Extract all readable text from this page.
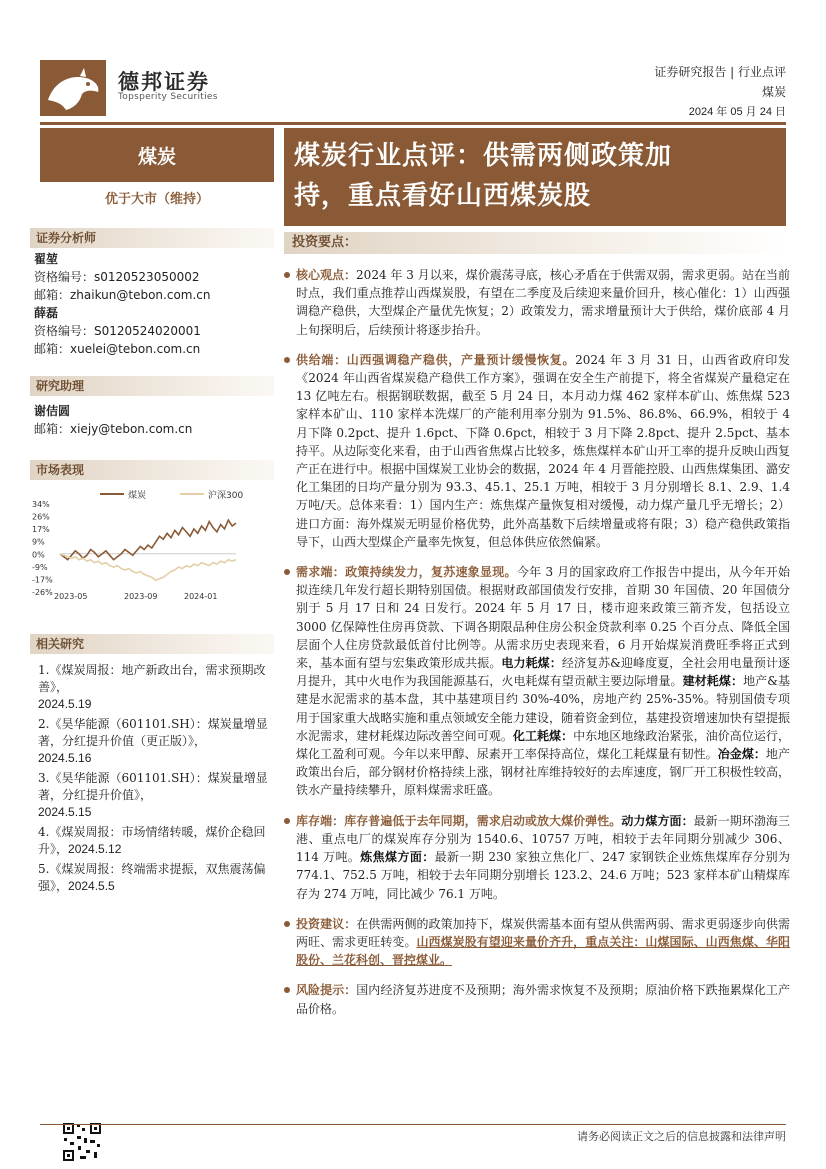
德邦证券
Topsperity Securities
证券研究报告 | 行业点评
煤炭
2024 年 05 月 24 日
煤炭
优于大市（维持）
证券分析师
翟堃
资格编号：s0120523050002
邮箱：zhaikun@tebon.com.cn
薛磊
资格编号：S0120524020001
邮箱：xuelei@tebon.com.cn
研究助理
谢佶圆
邮箱：xiejy@tebon.com.cn
市场表现
煤炭	沪深300
34%
26%
17%
9%
0%
-9%
-17%
-26% 2023-05	2023-09	2024-01
相关研究
1.《煤炭周报：地产新政出台，需求预期改善》，
2024.5.19
2.《昊华能源（601101.SH）：煤炭量增显著，分红提升价值（更正版）》，
2024.5.16
3.《昊华能源（601101.SH）：煤炭量增显著，分红提升价值》，
2024.5.15
4.《煤炭周报：市场情绪转暖，煤价企稳回升》，2024.5.12
5.《煤炭周报：终端需求提振，双焦震荡偏强》，2024.5.5
煤炭行业点评：供需两侧政策加
持，重点看好山西煤炭股
投资要点：
核心观点：2024 年 3 月以来，煤价震荡寻底，核心矛盾在于供需双弱，需求更弱。站在当前时点，我们重点推荐山西煤炭股，有望在二季度及后续迎来量价回升，核心催化：1）山西强调稳产稳供，大型煤企产量优先恢复；2）政策发力，需求增量预计大于供给，煤价底部 4 月上旬探明后，后续预计将逐步抬升。
供给端：山西强调稳产稳供，产量预计缓慢恢复。2024 年 3 月 31 日，山西省政府印发《2024 年山西省煤炭稳产稳供工作方案》，强调在安全生产前提下，将全省煤炭产量稳定在 13 亿吨左右。根据钢联数据，截至 5 月 24 日，本月动力煤 462 家样本矿山、炼焦煤 523 家样本矿山、110 家样本洗煤厂的产能利用率分别为 91.5%、86.8%、66.9%，相较于 4 月下降 0.2pct、提升 1.6pct、下降 0.6pct，相较于 3 月下降 2.8pct、提升 2.5pct、基本持平。从边际变化来看，由于山西省焦煤占比较多，炼焦煤样本矿山开工率的提升反映山西复产正在进行中。根据中国煤炭工业协会的数据，2024 年 4 月晋能控股、山西焦煤集团、潞安化工集团的日均产量分别为 93.3、45.1、25.1 万吨，相较于 3 月分别增长 8.1、2.9、1.4 万吨/天。总体来看：1）国内生产：炼焦煤产量恢复相对缓慢，动力煤产量几乎无增长；2）进口方面：海外煤炭无明显价格优势，此外高基数下后续增量或将有限；3）稳产稳供政策指导下，山西大型煤企产量率先恢复，但总体供应依然偏紧。
需求端：政策持续发力，复苏速象显现。今年 3 月的国家政府工作报告中提出，从今年开始拟连续几年发行超长期特别国债。根据财政部国债发行安排，首期 30 年国债、20 年国债分别于 5 月 17 日和 24 日发行。2024 年 5 月 17 日，楼市迎来政策三箭齐发，包括设立 3000 亿保障性住房再贷款、下调各期限品种住房公积金贷款利率 0.25 个百分点、降低全国层面个人住房贷款最低首付比例等。从需求历史表现来看，6 月开始煤炭消费旺季将正式到来，基本面有望与宏集政策形成共振。电力耗煤：经济复苏&迎峰度夏，全社会用电量预计逐月提升，其中火电作为我国能源基石，火电耗煤有望贡献主要边际增量。建材耗煤：地产&基建是水泥需求的基本盘，其中基建项目约 30%-40%，房地产约 25%-35%。特别国债专项用于国家重大战略实施和重点领域安全能力建设，随着资金到位，基建投资增速加快有望提振水泥需求，建材耗煤边际改善空间可观。化工耗煤：中东地区地缘政治紧张，油价高位运行，煤化工盈利可观。今年以来甲醇、尿素开工率保持高位，煤化工耗煤量有韧性。冶金煤：地产政策出台后，部分钢材价格持续上涨，钢材社库维持较好的去库速度，钢厂开工积极性较高，铁水产量持续攀升，原料煤需求旺盛。
库存端：库存普遍低于去年同期，需求启动或放大煤价弹性。动力煤方面：最新一期环渤海三港、重点电厂的煤炭库存分别为 1540.6、10757 万吨，相较于去年同期分别减少 306、114 万吨。炼焦煤方面：最新一期 230 家独立焦化厂、247 家钢铁企业炼焦煤库存分别为 774.1、752.5 万吨，相较于去年同期分别增长 123.2、24.6 万吨；523 家样本矿山精煤库存为 274 万吨，同比减少 76.1 万吨。
投资建议：在供需两侧的政策加持下，煤炭供需基本面有望从供需两弱、需求更弱逐步向供需两旺、需求更旺转变。山西煤炭股有望迎来量价齐升，重点关注：山煤国际、山西焦煤、华阳股份、兰花科创、晋控煤业。
风险提示：国内经济复苏进度不及预期；海外需求恢复不及预期；原油价格下跌拖累煤化工产品价格。
请务必阅读正文之后的信息披露和法律声明
